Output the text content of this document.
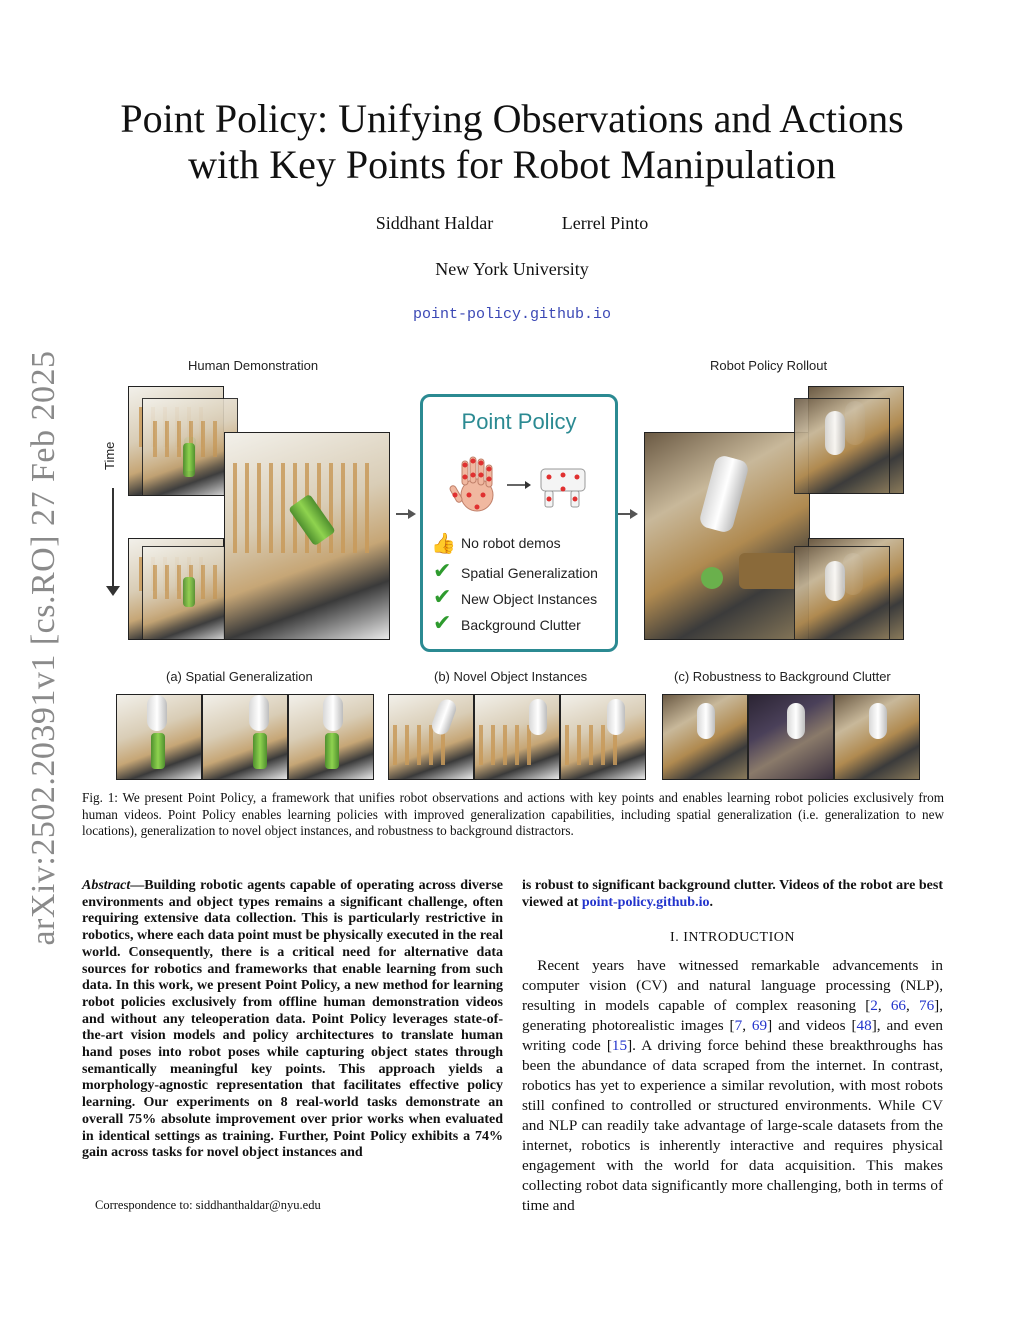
arXiv:2502.20391v1 [cs.RO] 27 Feb 2025
Point Policy: Unifying Observations and Actions
with Key Points for Robot Manipulation
Siddhant Haldar	Lerrel Pinto
New York University
point-policy.github.io
Human Demonstration	Robot Policy Rollout
Time
Point Policy
👍 No robot demos
✔ Spatial Generalization
✔ New Object Instances
✔ Background Clutter
(a) Spatial Generalization	(b) Novel Object Instances	(c) Robustness to Background Clutter
Fig. 1: We present Point Policy, a framework that unifies robot observations and actions with key points and enables learning robot policies exclusively from human videos. Point Policy enables learning policies with improved generalization capabilities, including spatial generalization (i.e. generalization to new locations), generalization to novel object instances, and robustness to background distractors.
Abstract—Building robotic agents capable of operating across diverse environments and object types remains a significant challenge, often requiring extensive data collection. This is particularly restrictive in robotics, where each data point must be physically executed in the real world. Consequently, there is a critical need for alternative data sources for robotics and frameworks that enable learning from such data. In this work, we present Point Policy, a new method for learning robot policies exclusively from offline human demonstration videos and without any teleoperation data. Point Policy leverages state-of-the-art vision models and policy architectures to translate human hand poses into robot poses while capturing object states through semantically meaningful key points. This approach yields a morphology-agnostic representation that facilitates effective policy learning. Our experiments on 8 real-world tasks demonstrate an overall 75% absolute improvement over prior works when evaluated in identical settings as training. Further, Point Policy exhibits a 74% gain across tasks for novel object instances and
is robust to significant background clutter. Videos of the robot are best viewed at point-policy.github.io.
I. INTRODUCTION
 Recent years have witnessed remarkable advancements in computer vision (CV) and natural language processing (NLP), resulting in models capable of complex reasoning [2, 66, 76], generating photorealistic images [7, 69] and videos [48], and even writing code [15]. A driving force behind these breakthroughs has been the abundance of data scraped from the internet. In contrast, robotics has yet to experience a similar revolution, with most robots still confined to controlled or structured environments. While CV and NLP can readily take advantage of large-scale datasets from the internet, robotics is inherently interactive and requires physical engagement with the world for data acquisition. This makes collecting robot data significantly more challenging, both in terms of time and
Correspondence to: siddhanthaldar@nyu.edu
